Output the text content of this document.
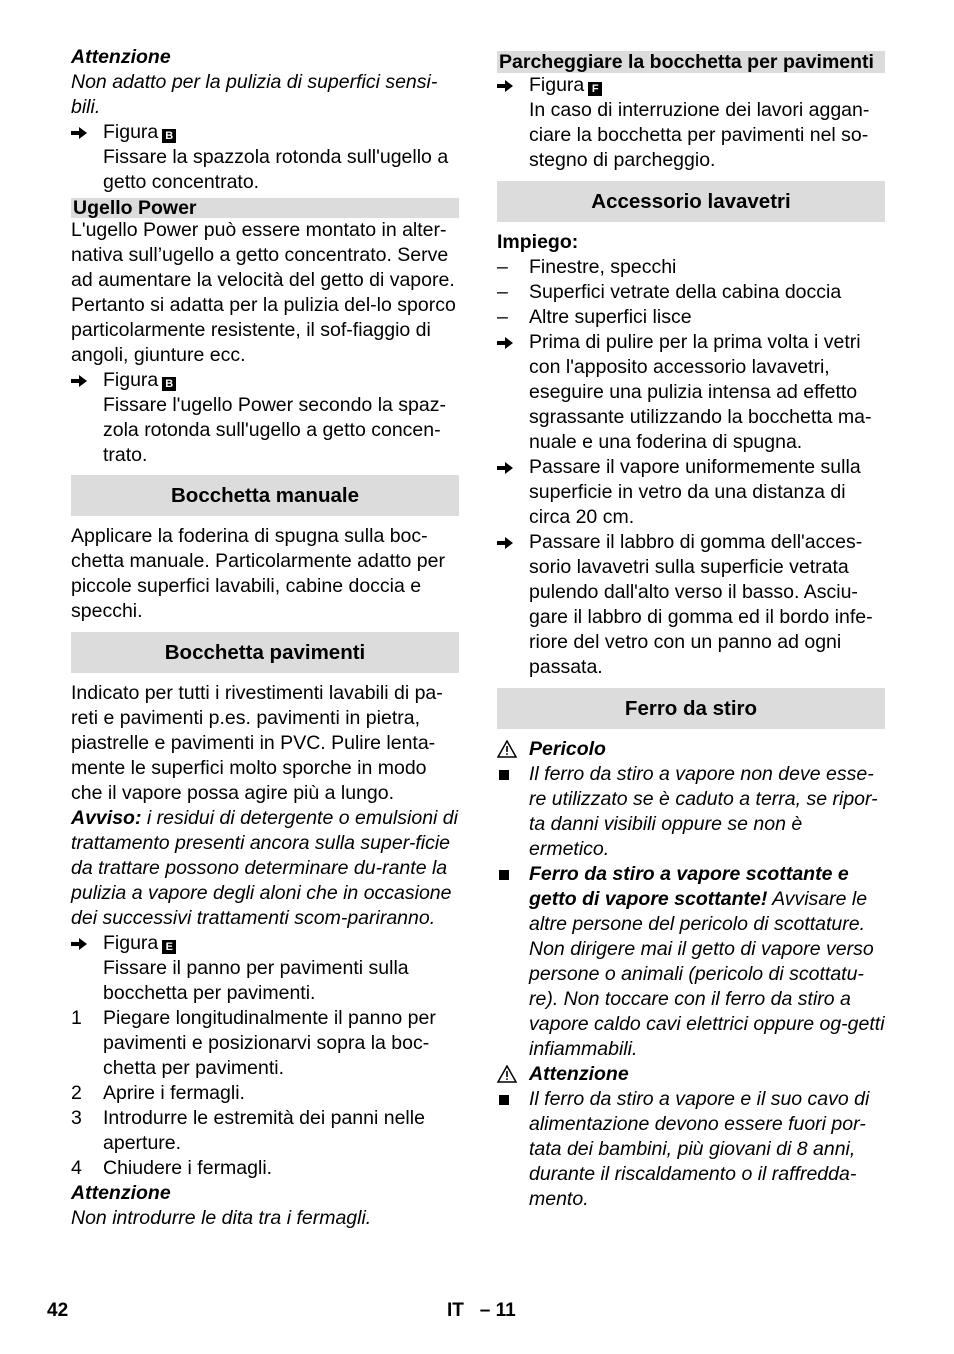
Attenzione

Non adatto per la pulizia di superfici sensi-bili.

Figura B

Fissare la spazzola rotonda sull'ugello a getto concentrato.

Ugello Power

L'ugello Power può essere montato in alter-nativa sull’ugello a getto concentrato. Serve ad aumentare la velocità del getto di vapore. Pertanto si adatta per la pulizia del-lo sporco particolarmente resistente, il sof-fiaggio di angoli, giunture ecc.

Figura B

Fissare l'ugello Power secondo la spaz-zola rotonda sull'ugello a getto concen-trato.

Bocchetta manuale

Applicare la foderina di spugna sulla boc-chetta manuale. Particolarmente adatto per piccole superfici lavabili, cabine doccia e specchi.

Bocchetta pavimenti

Indicato per tutti i rivestimenti lavabili di pa-reti e pavimenti p.es. pavimenti in pietra, piastrelle e pavimenti in PVC. Pulire lenta-mente le superfici molto sporche in modo che il vapore possa agire più a lungo.

Avviso: i residui di detergente o emulsioni di trattamento presenti ancora sulla super-ficie da trattare possono determinare du-rante la pulizia a vapore degli aloni che in occasione dei successivi trattamenti scom-pariranno.

Figura E

Fissare il panno per pavimenti sulla bocchetta per pavimenti.

1	Piegare longitudinalmente il panno per pavimenti e posizionarvi sopra la boc-chetta per pavimenti.
2	Aprire i fermagli.
3	Introdurre le estremità dei panni nelle aperture.
4	Chiudere i fermagli.

Attenzione

Non introdurre le dita tra i fermagli.

Parcheggiare la bocchetta per pavimenti
Figura F

In caso di interruzione dei lavori aggan-ciare la bocchetta per pavimenti nel so-stegno di parcheggio.

Accessorio lavavetri

Impiego:

–	Finestre, specchi
–	Superfici vetrate della cabina doccia
–	Altre superfici lisce
Prima di pulire per la prima volta i vetri con l'apposito accessorio lavavetri, eseguire una pulizia intensa ad effetto sgrassante utilizzando la bocchetta ma-nuale e una foderina di spugna.
Passare il vapore uniformemente sulla superficie in vetro da una distanza di circa 20 cm.
Passare il labbro di gomma dell'acces-sorio lavavetri sulla superficie vetrata pulendo dall'alto verso il basso. Asciu-gare il labbro di gomma ed il bordo infe-riore del vetro con un panno ad ogni passata.
Ferro da stiro
Pericolo
Il ferro da stiro a vapore non deve esse-re utilizzato se è caduto a terra, se ripor-ta danni visibili oppure se non è ermetico.
Ferro da stiro a vapore scottante e getto di vapore scottante! Avvisare le altre persone del pericolo di scottature. Non dirigere mai il getto di vapore verso persone o animali (pericolo di scottatu-re). Non toccare con il ferro da stiro a vapore caldo cavi elettrici oppure og-getti infiammabili.
Attenzione
Il ferro da stiro a vapore e il suo cavo di alimentazione devono essere fuori por-tata dei bambini, più giovani di 8 anni, durante il riscaldamento o il raffredda-mento.
42	IT   – 11
